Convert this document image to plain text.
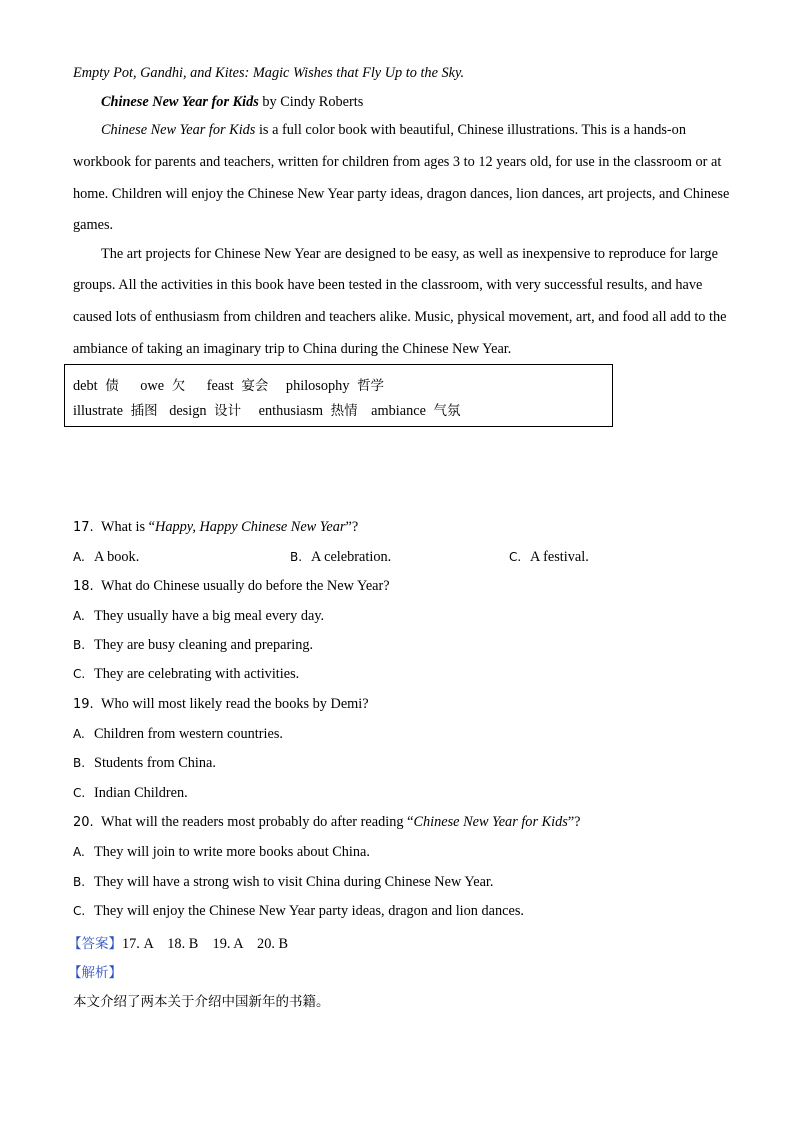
Empty Pot, Gandhi, and Kites: Magic Wishes that Fly Up to the Sky.
Chinese New Year for Kids by Cindy Roberts
Chinese New Year for Kids is a full color book with beautiful, Chinese illustrations. This is a hands-on
workbook for parents and teachers, written for children from ages 3 to 12 years old, for use in the classroom or at
home. Children will enjoy the Chinese New Year party ideas, dragon dances, lion dances, art projects, and Chinese
games.
The art projects for Chinese New Year are designed to be easy, as well as inexpensive to reproduce for large
groups. All the activities in this book have been tested in the classroom, with very successful results, and have
caused lots of enthusiasm from children and teachers alike. Music, physical movement, art, and food all add to the
ambiance of taking an imaginary trip to China during the Chinese New Year.
debt 债 owe 欠 feast 宴会 philosophy 哲学
illustrate 插图 design 设计 enthusiasm 热情 ambiance 气氛
17. What is “Happy, Happy Chinese New Year”?
A. A book.	B. A celebration.	C. A festival.
18. What do Chinese usually do before the New Year?
A. They usually have a big meal every day.
B. They are busy cleaning and preparing.
C. They are celebrating with activities.
19. Who will most likely read the books by Demi?
A. Children from western countries.
B. Students from China.
C. Indian Children.
20. What will the readers most probably do after reading “Chinese New Year for Kids”?
A. They will join to write more books about China.
B. They will have a strong wish to visit China during Chinese New Year.
C. They will enjoy the Chinese New Year party ideas, dragon and lion dances.
【答案】17. A    18. B    19. A    20. B
【解析】
本文介绍了两本关于介绍中国新年的书籍。
